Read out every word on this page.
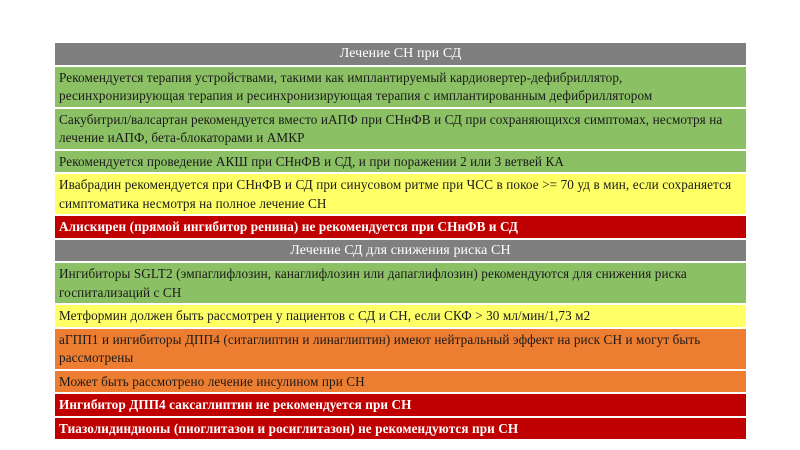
Лечение СН при СД
Рекомендуется терапия устройствами, такими как имплантируемый кардиовертер-дефибриллятор, ресинхронизирующая терапия и ресинхронизирующая терапия с имплантированным дефибриллятором
Сакубитрил/валсартан рекомендуется вместо иАПФ при СНнФВ и СД при сохраняющихся симптомах, несмотря на лечение иАПФ, бета-блокаторами и АМКР
Рекомендуется проведение АКШ при СНнФВ и СД, и при поражении 2 или 3 ветвей КА
Ивабрадин рекомендуется при СНнФВ и СД при синусовом ритме при ЧСС в покое >= 70 уд в мин, если сохраняется симптоматика несмотря на полное лечение СН
Алискирен (прямой ингибитор ренина) не рекомендуется при СНнФВ и СД
Лечение СД для снижения риска СН
Ингибиторы SGLT2 (эмпаглифлозин, канаглифлозин или дапаглифлозин) рекомендуются для снижения риска госпитализаций с СН
Метформин должен быть рассмотрен у пациентов с СД и СН, если СКФ > 30 мл/мин/1,73 м2
аГПП1 и ингибиторы ДПП4 (ситаглиптин и линаглиптин) имеют нейтральный эффект на риск СН и могут быть рассмотрены
Может быть рассмотрено лечение инсулином при СН
Ингибитор ДПП4 саксаглиптин не рекомендуется при СН
Тиазолидиндионы (пиоглитазон и росиглитазон) не рекомендуются при СН
